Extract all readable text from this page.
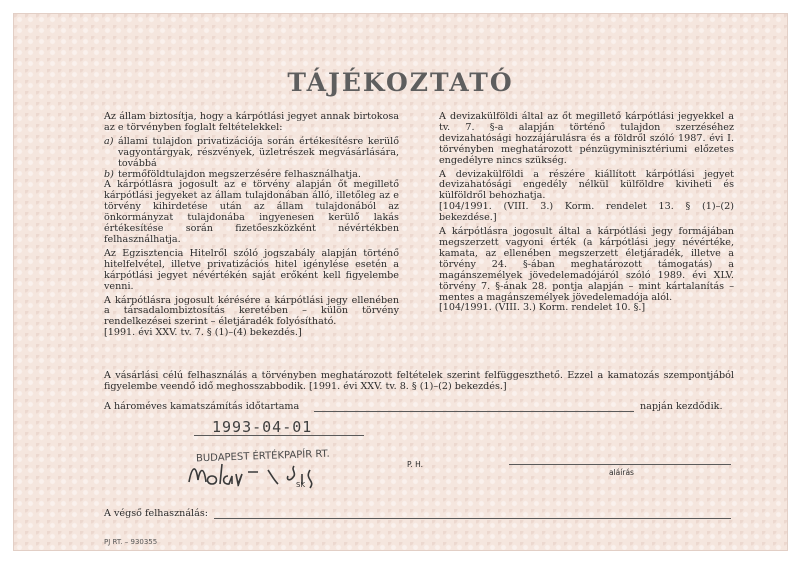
TÁJÉKOZTATÓ

Az állam biztosítja, hogy a kárpótlási jegyet annak birtokosa az e törvényben foglalt feltételekkel:

a) állami tulajdon privatizációja során értékesítésre kerülő vagyontárgyak, részvények, üzletrészek megvásárlására, továbbá

b) termőföldtulajdon megszerzésére felhasználhatja.

A kárpótlásra jogosult az e törvény alapján őt megillető kárpótlási jegyeket az állam tulajdonában álló, illetőleg az e törvény kihirdetése után az állam tulajdonából az önkormányzat tulajdonába ingyenesen kerülő lakás értékesítése során fizetőeszközként névértékben felhasználhatja.

Az Egzisztencia Hitelről szóló jogszabály alapján történő hitelfelvétel, illetve privatizációs hitel igénylése esetén a kárpótlási jegyet névértékén saját erőként kell figyelembe venni.

A kárpótlásra jogosult kérésére a kárpótlási jegy ellenében a társadalombiztosítás keretében – külön törvény rendelkezései szerint – életjáradék folyósítható.

[1991. évi XXV. tv. 7. § (1)–(4) bekezdés.]

A devizakülföldi által az őt megillető kárpótlási jegyekkel a tv. 7. §-a alapján történő tulajdon szerzéséhez devizahatósági hozzájárulásra és a földről szóló 1987. évi I. törvényben meghatározott pénzügyminisztériumi előzetes engedélyre nincs szükség.

A devizakülföldi a részére kiállított kárpótlási jegyet devizahatósági engedély nélkül külföldre kiviheti és külföldről behozhatja.

[104/1991. (VIII. 3.) Korm. rendelet 13. § (1)–(2) bekezdése.]

A kárpótlásra jogosult által a kárpótlási jegy formájában megszerzett vagyoni érték (a kárpótlási jegy névértéke, kamata, az ellenében megszerzett életjáradék, illetve a törvény 24. §-ában meghatározott támogatás) a magánszemélyek jövedelemadójáról szóló 1989. évi XLV. törvény 7. §-ának 28. pontja alapján – mint kártalanítás – mentes a magánszemélyek jövedelemadója alól.

[104/1991. (VIII. 3.) Korm. rendelet 10. §.]

A vásárlási célú felhasználás a törvényben meghatározott feltételek szerint felfüggeszthető. Ezzel a kamatozás szempontjából figyelembe veendő idő meghosszabbodik. [1991. évi XXV. tv. 8. § (1)–(2) bekezdés.]

A hároméves kamatszámítás időtartama	napján kezdődik.
1993-04-01
BUDAPEST ÉRTÉKPAPÍR RT.
SK
P. H.
aláírás
A végső felhasználás:
PJ RT. – 930355
